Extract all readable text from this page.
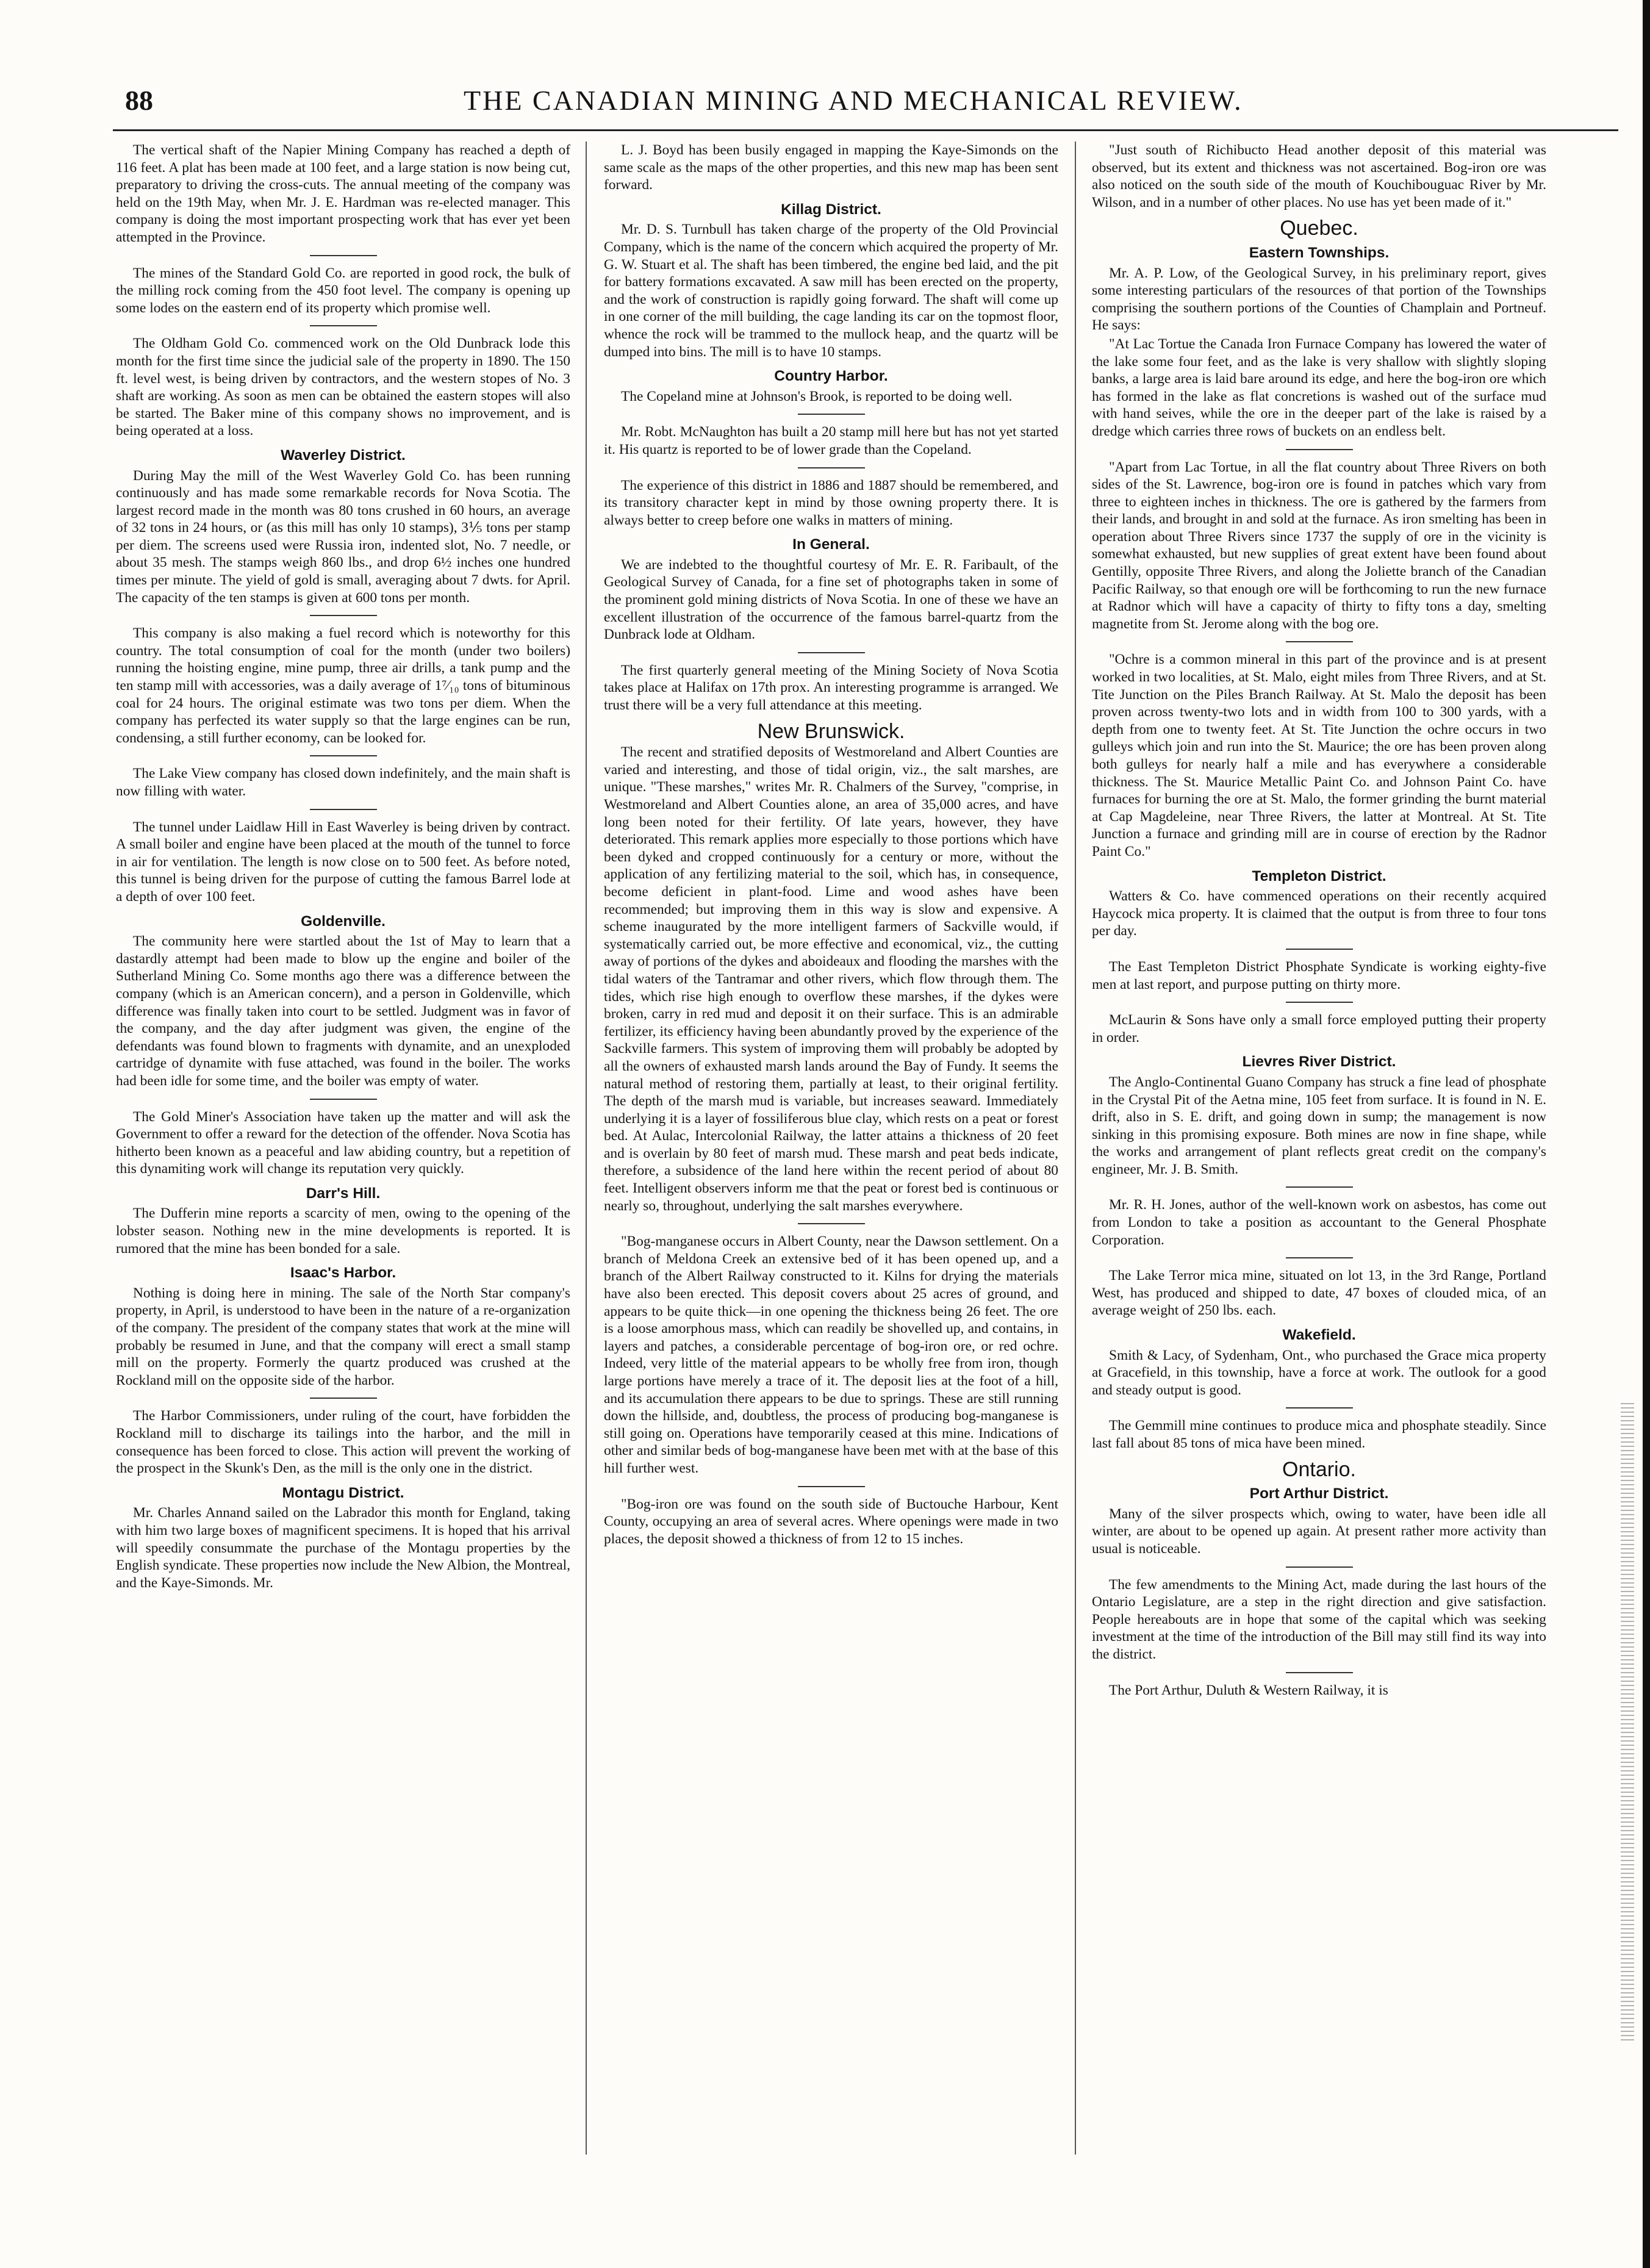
88	THE CANADIAN MINING AND MECHANICAL REVIEW.

The vertical shaft of the Napier Mining Company has reached a depth of 116 feet. A plat has been made at 100 feet, and a large station is now being cut, preparatory to driving the cross-cuts. The annual meeting of the company was held on the 19th May, when Mr. J. E. Hardman was re-elected manager. This company is doing the most important prospecting work that has ever yet been attempted in the Province.

The mines of the Standard Gold Co. are reported in good rock, the bulk of the milling rock coming from the 450 foot level. The company is opening up some lodes on the eastern end of its property which promise well.

The Oldham Gold Co. commenced work on the Old Dunbrack lode this month for the first time since the judicial sale of the property in 1890. The 150 ft. level west, is being driven by contractors, and the western stopes of No. 3 shaft are working. As soon as men can be obtained the eastern stopes will also be started. The Baker mine of this company shows no improvement, and is being operated at a loss.

Waverley District.

During May the mill of the West Waverley Gold Co. has been running continuously and has made some remarkable records for Nova Scotia. The largest record made in the month was 80 tons crushed in 60 hours, an average of 32 tons in 24 hours, or (as this mill has only 10 stamps), 3⅕ tons per stamp per diem. The screens used were Russia iron, indented slot, No. 7 needle, or about 35 mesh. The stamps weigh 860 lbs., and drop 6½ inches one hundred times per minute. The yield of gold is small, averaging about 7 dwts. for April. The capacity of the ten stamps is given at 600 tons per month.

This company is also making a fuel record which is noteworthy for this country. The total consumption of coal for the month (under two boilers) running the hoisting engine, mine pump, three air drills, a tank pump and the ten stamp mill with accessories, was a daily average of 1⁷⁄₁₀ tons of bituminous coal for 24 hours. The original estimate was two tons per diem. When the company has perfected its water supply so that the large engines can be run, condensing, a still further economy, can be looked for.

The Lake View company has closed down indefinitely, and the main shaft is now filling with water.

The tunnel under Laidlaw Hill in East Waverley is being driven by contract. A small boiler and engine have been placed at the mouth of the tunnel to force in air for ventilation. The length is now close on to 500 feet. As before noted, this tunnel is being driven for the purpose of cutting the famous Barrel lode at a depth of over 100 feet.

Goldenville.

The community here were startled about the 1st of May to learn that a dastardly attempt had been made to blow up the engine and boiler of the Sutherland Mining Co. Some months ago there was a difference between the company (which is an American concern), and a person in Goldenville, which difference was finally taken into court to be settled. Judgment was in favor of the company, and the day after judgment was given, the engine of the defendants was found blown to fragments with dynamite, and an unexploded cartridge of dynamite with fuse attached, was found in the boiler. The works had been idle for some time, and the boiler was empty of water.

The Gold Miner's Association have taken up the matter and will ask the Government to offer a reward for the detection of the offender. Nova Scotia has hitherto been known as a peaceful and law abiding country, but a repetition of this dynamiting work will change its reputation very quickly.

Darr's Hill.

The Dufferin mine reports a scarcity of men, owing to the opening of the lobster season. Nothing new in the mine developments is reported. It is rumored that the mine has been bonded for a sale.

Isaac's Harbor.

Nothing is doing here in mining. The sale of the North Star company's property, in April, is understood to have been in the nature of a re-organization of the company. The president of the company states that work at the mine will probably be resumed in June, and that the company will erect a small stamp mill on the property. Formerly the quartz produced was crushed at the Rockland mill on the opposite side of the harbor.

The Harbor Commissioners, under ruling of the court, have forbidden the Rockland mill to discharge its tailings into the harbor, and the mill in consequence has been forced to close. This action will prevent the working of the prospect in the Skunk's Den, as the mill is the only one in the district.

Montagu District.

Mr. Charles Annand sailed on the Labrador this month for England, taking with him two large boxes of magnificent specimens. It is hoped that his arrival will speedily consummate the purchase of the Montagu properties by the English syndicate. These properties now include the New Albion, the Montreal, and the Kaye-Simonds. Mr.

L. J. Boyd has been busily engaged in mapping the Kaye-Simonds on the same scale as the maps of the other properties, and this new map has been sent forward.

Killag District.

Mr. D. S. Turnbull has taken charge of the property of the Old Provincial Company, which is the name of the concern which acquired the property of Mr. G. W. Stuart et al. The shaft has been timbered, the engine bed laid, and the pit for battery formations excavated. A saw mill has been erected on the property, and the work of construction is rapidly going forward. The shaft will come up in one corner of the mill building, the cage landing its car on the topmost floor, whence the rock will be trammed to the mullock heap, and the quartz will be dumped into bins. The mill is to have 10 stamps.

Country Harbor.

The Copeland mine at Johnson's Brook, is reported to be doing well.

Mr. Robt. McNaughton has built a 20 stamp mill here but has not yet started it. His quartz is reported to be of lower grade than the Copeland.

The experience of this district in 1886 and 1887 should be remembered, and its transitory character kept in mind by those owning property there. It is always better to creep before one walks in matters of mining.

In General.

We are indebted to the thoughtful courtesy of Mr. E. R. Faribault, of the Geological Survey of Canada, for a fine set of photographs taken in some of the prominent gold mining districts of Nova Scotia. In one of these we have an excellent illustration of the occurrence of the famous barrel-quartz from the Dunbrack lode at Oldham.

The first quarterly general meeting of the Mining Society of Nova Scotia takes place at Halifax on 17th prox. An interesting programme is arranged. We trust there will be a very full attendance at this meeting.

New Brunswick.

The recent and stratified deposits of Westmoreland and Albert Counties are varied and interesting, and those of tidal origin, viz., the salt marshes, are unique. "These marshes," writes Mr. R. Chalmers of the Survey, "comprise, in Westmoreland and Albert Counties alone, an area of 35,000 acres, and have long been noted for their fertility. Of late years, however, they have deteriorated. This remark applies more especially to those portions which have been dyked and cropped continuously for a century or more, without the application of any fertilizing material to the soil, which has, in consequence, become deficient in plant-food. Lime and wood ashes have been recommended; but improving them in this way is slow and expensive. A scheme inaugurated by the more intelligent farmers of Sackville would, if systematically carried out, be more effective and economical, viz., the cutting away of portions of the dykes and aboideaux and flooding the marshes with the tidal waters of the Tantramar and other rivers, which flow through them. The tides, which rise high enough to overflow these marshes, if the dykes were broken, carry in red mud and deposit it on their surface. This is an admirable fertilizer, its efficiency having been abundantly proved by the experience of the Sackville farmers. This system of improving them will probably be adopted by all the owners of exhausted marsh lands around the Bay of Fundy. It seems the natural method of restoring them, partially at least, to their original fertility. The depth of the marsh mud is variable, but increases seaward. Immediately underlying it is a layer of fossiliferous blue clay, which rests on a peat or forest bed. At Aulac, Intercolonial Railway, the latter attains a thickness of 20 feet and is overlain by 80 feet of marsh mud. These marsh and peat beds indicate, therefore, a subsidence of the land here within the recent period of about 80 feet. Intelligent observers inform me that the peat or forest bed is continuous or nearly so, throughout, underlying the salt marshes everywhere.

"Bog-manganese occurs in Albert County, near the Dawson settlement. On a branch of Meldona Creek an extensive bed of it has been opened up, and a branch of the Albert Railway constructed to it. Kilns for drying the materials have also been erected. This deposit covers about 25 acres of ground, and appears to be quite thick—in one opening the thickness being 26 feet. The ore is a loose amorphous mass, which can readily be shovelled up, and contains, in layers and patches, a considerable percentage of bog-iron ore, or red ochre. Indeed, very little of the material appears to be wholly free from iron, though large portions have merely a trace of it. The deposit lies at the foot of a hill, and its accumulation there appears to be due to springs. These are still running down the hillside, and, doubtless, the process of producing bog-manganese is still going on. Operations have temporarily ceased at this mine. Indications of other and similar beds of bog-manganese have been met with at the base of this hill further west.

"Bog-iron ore was found on the south side of Buctouche Harbour, Kent County, occupying an area of several acres. Where openings were made in two places, the deposit showed a thickness of from 12 to 15 inches.

"Just south of Richibucto Head another deposit of this material was observed, but its extent and thickness was not ascertained. Bog-iron ore was also noticed on the south side of the mouth of Kouchibouguac River by Mr. Wilson, and in a number of other places. No use has yet been made of it."

Quebec.
Eastern Townships.

Mr. A. P. Low, of the Geological Survey, in his preliminary report, gives some interesting particulars of the resources of that portion of the Townships comprising the southern portions of the Counties of Champlain and Portneuf. He says:

"At Lac Tortue the Canada Iron Furnace Company has lowered the water of the lake some four feet, and as the lake is very shallow with slightly sloping banks, a large area is laid bare around its edge, and here the bog-iron ore which has formed in the lake as flat concretions is washed out of the surface mud with hand seives, while the ore in the deeper part of the lake is raised by a dredge which carries three rows of buckets on an endless belt.

"Apart from Lac Tortue, in all the flat country about Three Rivers on both sides of the St. Lawrence, bog-iron ore is found in patches which vary from three to eighteen inches in thickness. The ore is gathered by the farmers from their lands, and brought in and sold at the furnace. As iron smelting has been in operation about Three Rivers since 1737 the supply of ore in the vicinity is somewhat exhausted, but new supplies of great extent have been found about Gentilly, opposite Three Rivers, and along the Joliette branch of the Canadian Pacific Railway, so that enough ore will be forthcoming to run the new furnace at Radnor which will have a capacity of thirty to fifty tons a day, smelting magnetite from St. Jerome along with the bog ore.

"Ochre is a common mineral in this part of the province and is at present worked in two localities, at St. Malo, eight miles from Three Rivers, and at St. Tite Junction on the Piles Branch Railway. At St. Malo the deposit has been proven across twenty-two lots and in width from 100 to 300 yards, with a depth from one to twenty feet. At St. Tite Junction the ochre occurs in two gulleys which join and run into the St. Maurice; the ore has been proven along both gulleys for nearly half a mile and has everywhere a considerable thickness. The St. Maurice Metallic Paint Co. and Johnson Paint Co. have furnaces for burning the ore at St. Malo, the former grinding the burnt material at Cap Magdeleine, near Three Rivers, the latter at Montreal. At St. Tite Junction a furnace and grinding mill are in course of erection by the Radnor Paint Co."

Templeton District.

Watters & Co. have commenced operations on their recently acquired Haycock mica property. It is claimed that the output is from three to four tons per day.

The East Templeton District Phosphate Syndicate is working eighty-five men at last report, and purpose putting on thirty more.

McLaurin & Sons have only a small force employed putting their property in order.

Lievres River District.

The Anglo-Continental Guano Company has struck a fine lead of phosphate in the Crystal Pit of the Aetna mine, 105 feet from surface. It is found in N. E. drift, also in S. E. drift, and going down in sump; the management is now sinking in this promising exposure. Both mines are now in fine shape, while the works and arrangement of plant reflects great credit on the company's engineer, Mr. J. B. Smith.

Mr. R. H. Jones, author of the well-known work on asbestos, has come out from London to take a position as accountant to the General Phosphate Corporation.

The Lake Terror mica mine, situated on lot 13, in the 3rd Range, Portland West, has produced and shipped to date, 47 boxes of clouded mica, of an average weight of 250 lbs. each.

Wakefield.

Smith & Lacy, of Sydenham, Ont., who purchased the Grace mica property at Gracefield, in this township, have a force at work. The outlook for a good and steady output is good.

The Gemmill mine continues to produce mica and phosphate steadily. Since last fall about 85 tons of mica have been mined.

Ontario.
Port Arthur District.

Many of the silver prospects which, owing to water, have been idle all winter, are about to be opened up again. At present rather more activity than usual is noticeable.

The few amendments to the Mining Act, made during the last hours of the Ontario Legislature, are a step in the right direction and give satisfaction. People hereabouts are in hope that some of the capital which was seeking investment at the time of the introduction of the Bill may still find its way into the district.

The Port Arthur, Duluth & Western Railway, it is
